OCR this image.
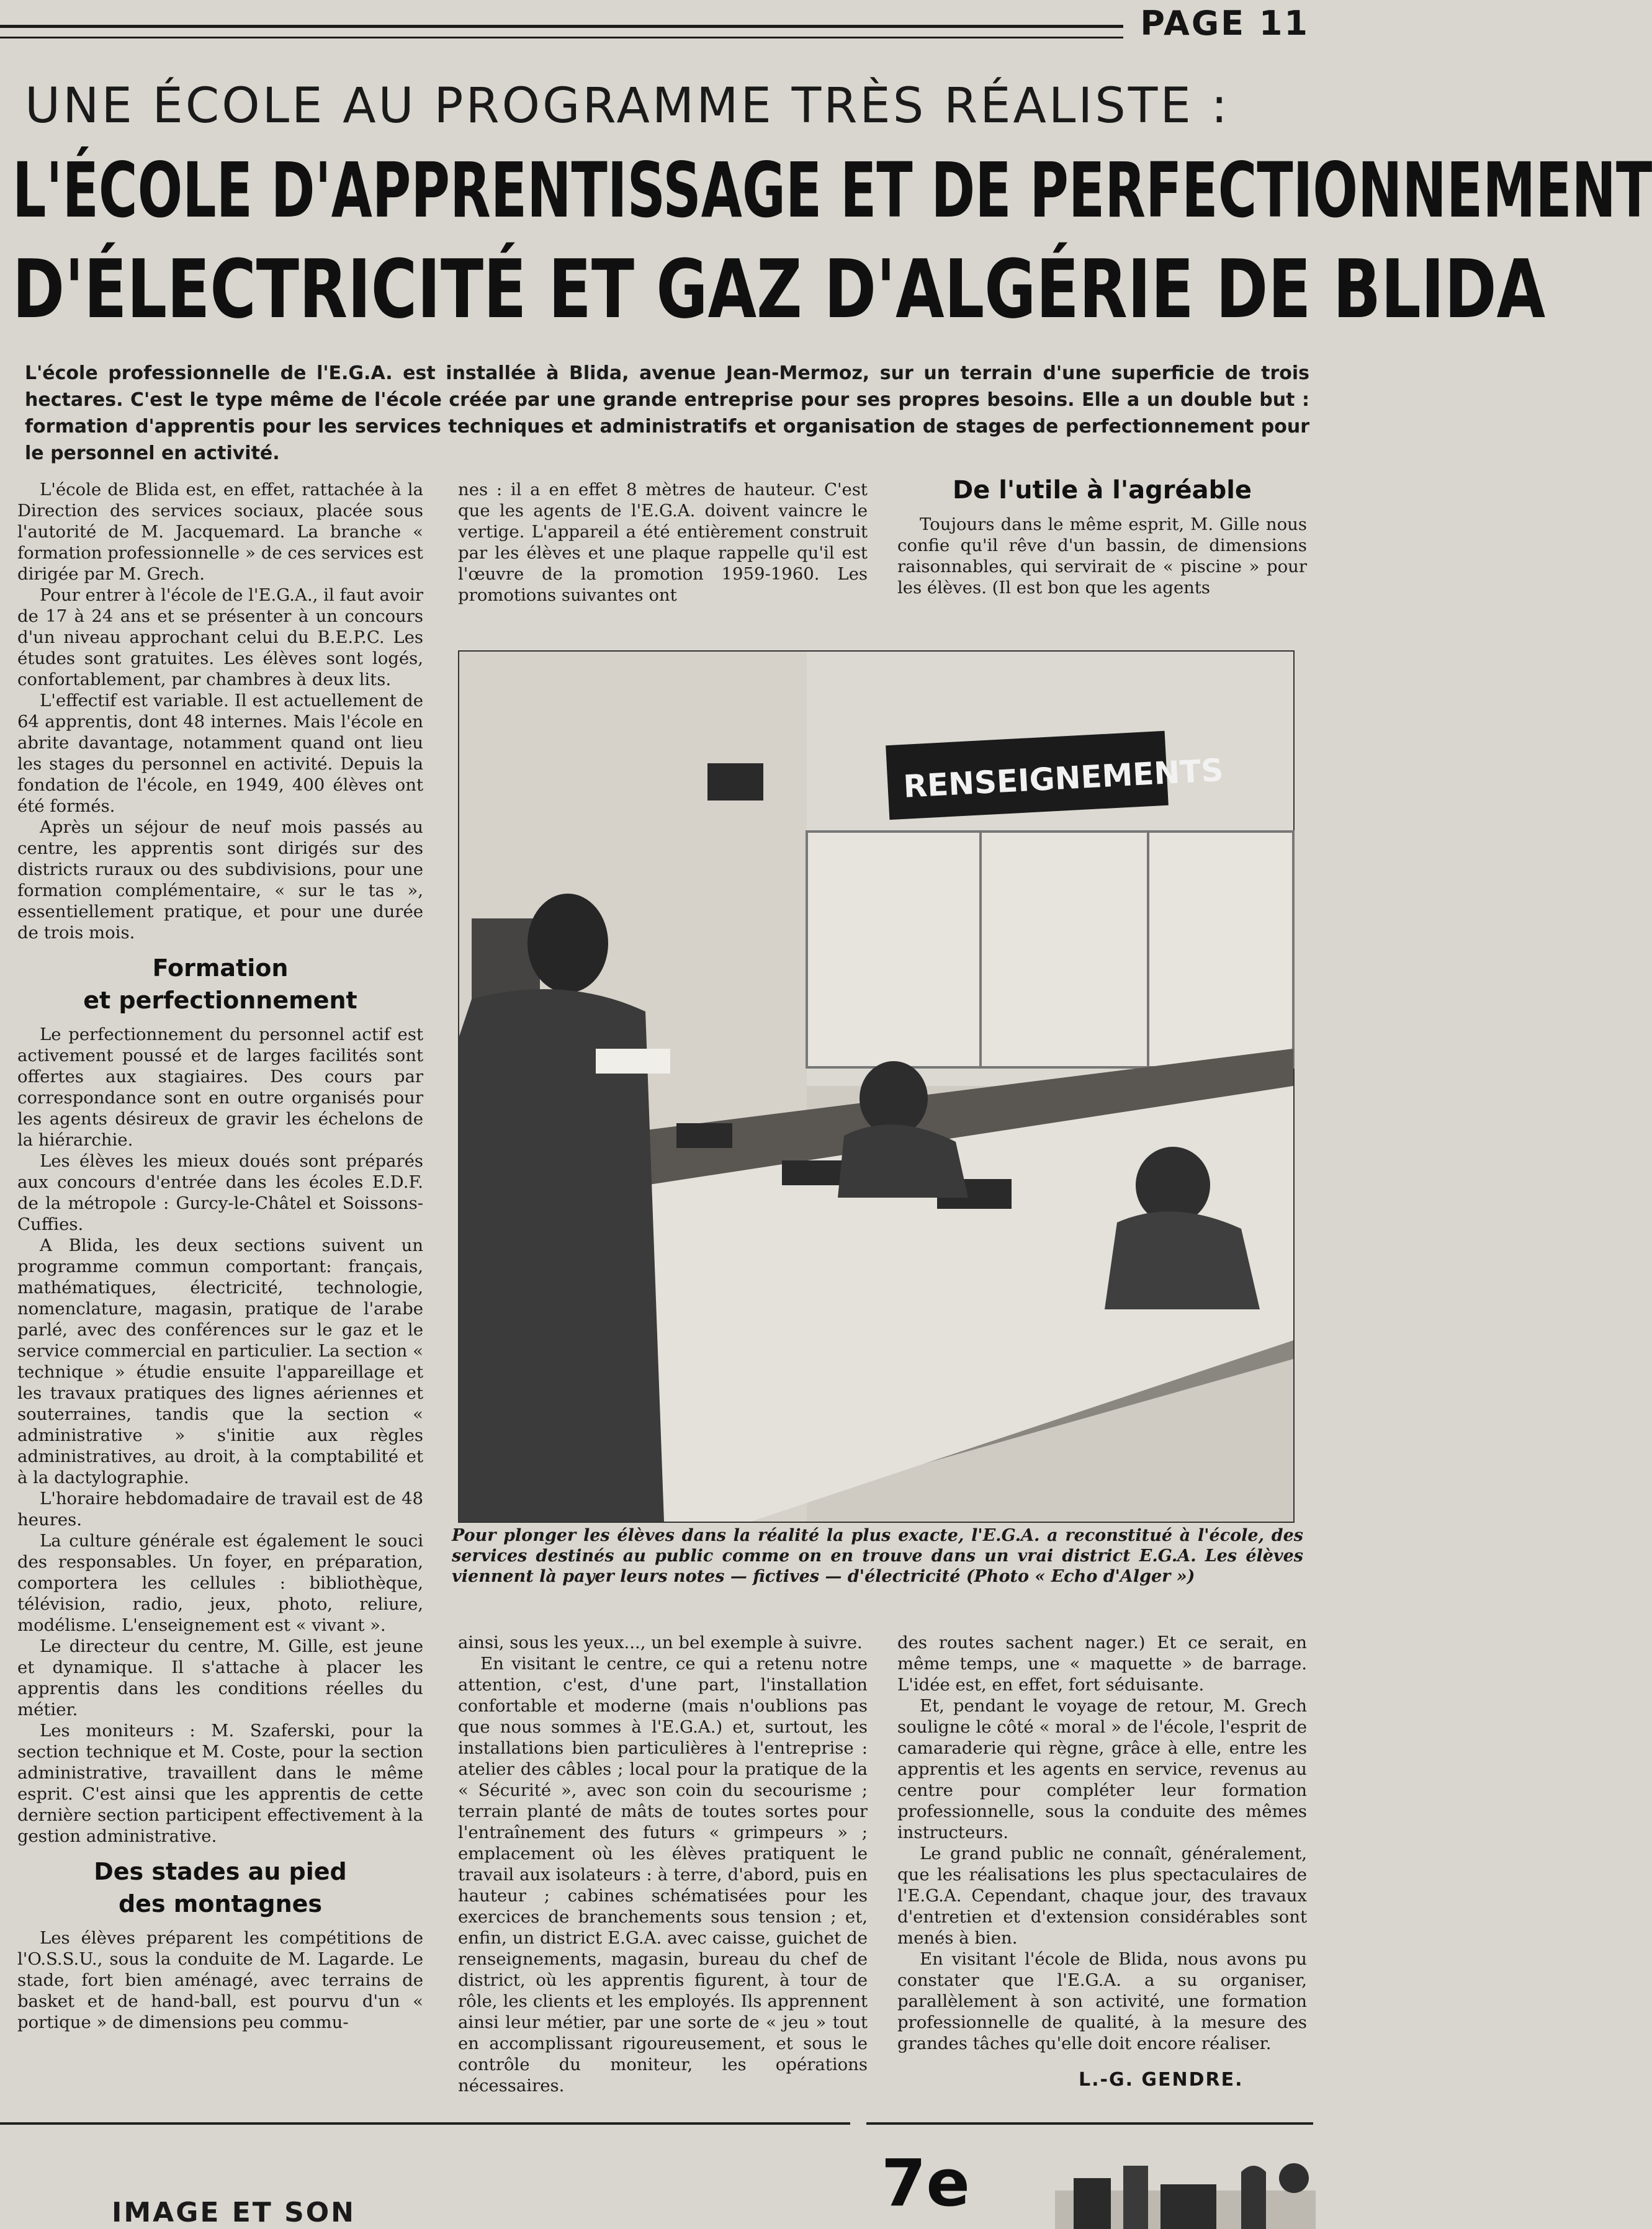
PAGE 11
UNE ÉCOLE AU PROGRAMME TRÈS RÉALISTE :
L'ÉCOLE D'APPRENTISSAGE ET DE PERFECTIONNEMENT
D'ÉLECTRICITÉ ET GAZ D'ALGÉRIE DE BLIDA
L'école professionnelle de l'E.G.A. est installée à Blida, avenue Jean-Mermoz, sur un terrain d'une superficie de trois hectares. C'est le type même de l'école créée par une grande entreprise pour ses propres besoins. Elle a un double but : formation d'apprentis pour les services techniques et administratifs et organisation de stages de perfectionnement pour le personnel en activité.

L'école de Blida est, en effet, rattachée à la Direction des services sociaux, placée sous l'autorité de M. Jacquemard. La branche « formation professionnelle » de ces services est dirigée par M. Grech.

Pour entrer à l'école de l'E.G.A., il faut avoir de 17 à 24 ans et se présenter à un concours d'un niveau approchant celui du B.E.P.C. Les études sont gratuites. Les élèves sont logés, confortablement, par chambres à deux lits.

L'effectif est variable. Il est actuellement de 64 apprentis, dont 48 internes. Mais l'école en abrite davantage, notamment quand ont lieu les stages du personnel en activité. Depuis la fondation de l'école, en 1949, 400 élèves ont été formés.

Après un séjour de neuf mois passés au centre, les apprentis sont dirigés sur des districts ruraux ou des subdivisions, pour une formation complémentaire, « sur le tas », essentiellement pratique, et pour une durée de trois mois.

Formation
et perfectionnement

Le perfectionnement du personnel actif est activement poussé et de larges facilités sont offertes aux stagiaires. Des cours par correspondance sont en outre organisés pour les agents désireux de gravir les échelons de la hiérarchie.

Les élèves les mieux doués sont préparés aux concours d'entrée dans les écoles E.D.F. de la métropole : Gurcy-le-Châtel et Soissons-Cuffies.

A Blida, les deux sections suivent un programme commun comportant: français, mathématiques, électricité, technologie, nomenclature, magasin, pratique de l'arabe parlé, avec des conférences sur le gaz et le service commercial en particulier. La section « technique » étudie ensuite l'appareillage et les travaux pratiques des lignes aériennes et souterraines, tandis que la section « administrative » s'initie aux règles administratives, au droit, à la comptabilité et à la dactylographie.

L'horaire hebdomadaire de travail est de 48 heures.

La culture générale est également le souci des responsables. Un foyer, en préparation, comportera les cellules : bibliothèque, télévision, radio, jeux, photo, reliure, modélisme. L'enseignement est « vivant ».

Le directeur du centre, M. Gille, est jeune et dynamique. Il s'attache à placer les apprentis dans les conditions réelles du métier.

Les moniteurs : M. Szaferski, pour la section technique et M. Coste, pour la section administrative, travaillent dans le même esprit. C'est ainsi que les apprentis de cette dernière section participent effectivement à la gestion administrative.

Des stades au pied
des montagnes

Les élèves préparent les compétitions de l'O.S.S.U., sous la conduite de M. Lagarde. Le stade, fort bien aménagé, avec terrains de basket et de hand-ball, est pourvu d'un « portique » de dimensions peu commu-

nes : il a en effet 8 mètres de hauteur. C'est que les agents de l'E.G.A. doivent vaincre le vertige. L'appareil a été entièrement construit par les élèves et une plaque rappelle qu'il est l'œuvre de la promotion 1959-1960. Les promotions suivantes ont

De l'utile à l'agréable

Toujours dans le même esprit, M. Gille nous confie qu'il rêve d'un bassin, de dimensions raisonnables, qui servirait de « piscine » pour les élèves. (Il est bon que les agents

RENSEIGNEMENTS
Pour plonger les élèves dans la réalité la plus exacte, l'E.G.A. a reconstitué à l'école, des services destinés au public comme on en trouve dans un vrai district E.G.A. Les élèves viennent là payer leurs notes — fictives — d'électricité (Photo « Echo d'Alger »)

ainsi, sous les yeux..., un bel exemple à suivre.

En visitant le centre, ce qui a retenu notre attention, c'est, d'une part, l'installation confortable et moderne (mais n'oublions pas que nous sommes à l'E.G.A.) et, surtout, les installations bien particulières à l'entreprise : atelier des câbles ; local pour la pratique de la « Sécurité », avec son coin du secourisme ; terrain planté de mâts de toutes sortes pour l'entraînement des futurs « grimpeurs » ; emplacement où les élèves pratiquent le travail aux isolateurs : à terre, d'abord, puis en hauteur ; cabines schématisées pour les exercices de branchements sous tension ; et, enfin, un district E.G.A. avec caisse, guichet de renseignements, magasin, bureau du chef de district, où les apprentis figurent, à tour de rôle, les clients et les employés. Ils apprennent ainsi leur métier, par une sorte de « jeu » tout en accomplissant rigoureusement, et sous le contrôle du moniteur, les opérations nécessaires.

des routes sachent nager.) Et ce serait, en même temps, une « maquette » de barrage. L'idée est, en effet, fort séduisante.

Et, pendant le voyage de retour, M. Grech souligne le côté « moral » de l'école, l'esprit de camaraderie qui règne, grâce à elle, entre les apprentis et les agents en service, revenus au centre pour compléter leur formation professionnelle, sous la conduite des mêmes instructeurs.

Le grand public ne connaît, généralement, que les réalisations les plus spectaculaires de l'E.G.A. Cependant, chaque jour, des travaux d'entretien et d'extension considérables sont menés à bien.

En visitant l'école de Blida, nous avons pu constater que l'E.G.A. a su organiser, parallèlement à son activité, une formation professionnelle de qualité, à la mesure des grandes tâches qu'elle doit encore réaliser.

L.-G. GENDRE.
IMAGE ET SON	7e
